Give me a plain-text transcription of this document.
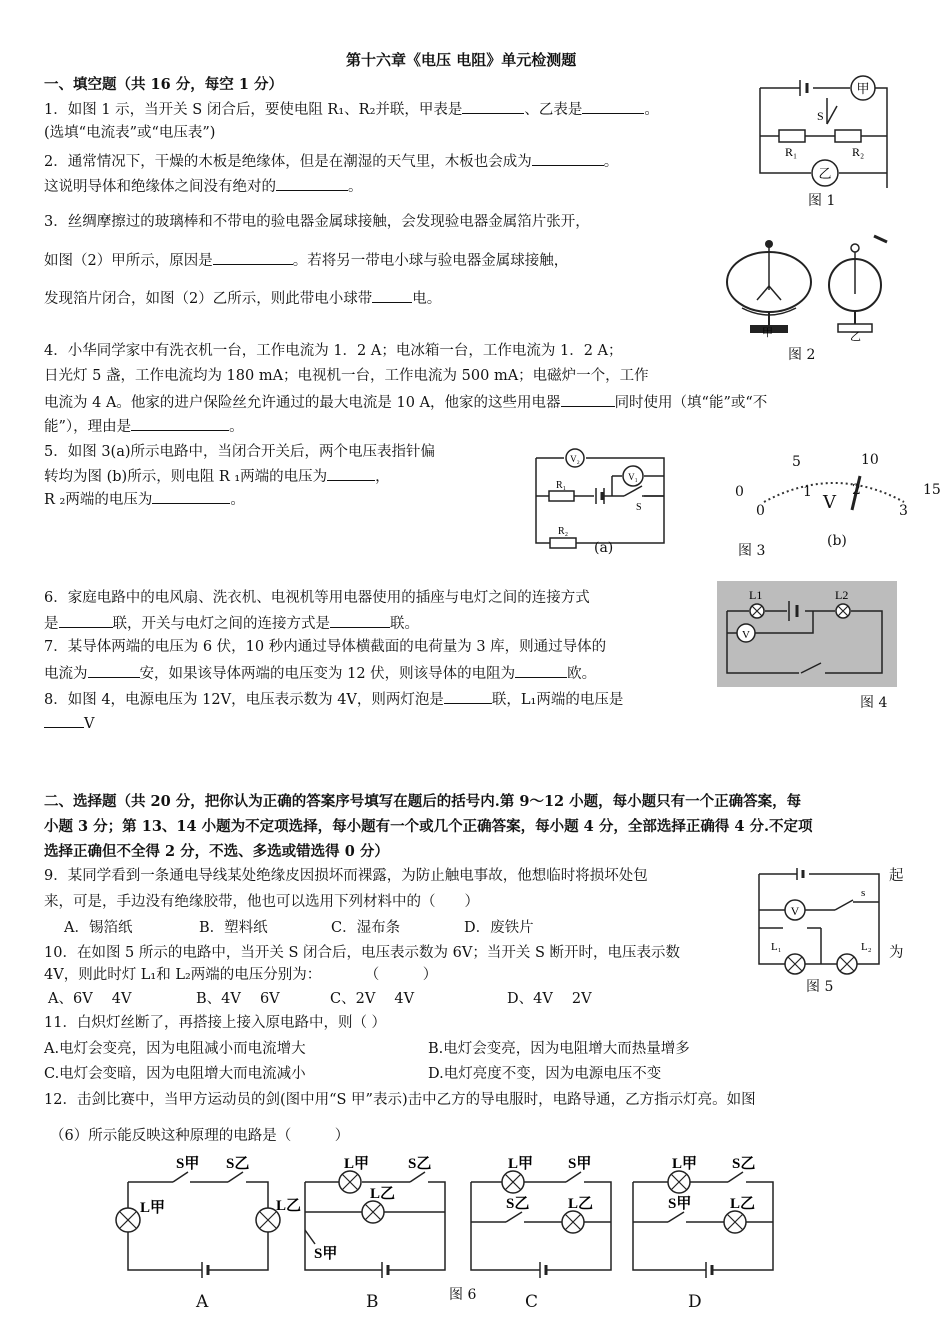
第十六章《电压 电阻》单元检测题
一、填空题（共 16 分，每空 1 分）
1．如图 1 示，当开关 S 闭合后，要使电阻 R₁、R₂并联，甲表是	、乙表是	。
(选填“电流表”或“电压表”)
2．通常情况下，干燥的木板是绝缘体，但是在潮湿的天气里，木板也会成为	。
这说明导体和绝缘体之间没有绝对的	。
3．丝绸摩擦过的玻璃棒和不带电的验电器金属球接触，会发现验电器金属箔片张开，
如图（2）甲所示，原因是	。若将另一带电小球与验电器金属球接触，
发现箔片闭合，如图（2）乙所示，则此带电小球带	电。
4．小华同学家中有洗衣机一台，工作电流为 1．2 A；电冰箱一台，工作电流为 1．2 A；
日光灯 5 盏，工作电流均为 180 mA；电视机一台，工作电流为 500 mA；电磁炉一个，工作
电流为 4 A。他家的进户保险丝允许通过的最大电流是 10 A，他家的这些用电器	同时使用（填“能”或“不
能”），理由是	。
5．如图 3(a)所示电路中，当闭合开关后，两个电压表指针偏
转均为图 (b)所示，则电阻 R ₁两端的电压为	，
R ₂两端的电压为	。
6．家庭电路中的电风扇、洗衣机、电视机等用电器使用的插座与电灯之间的连接方式
是	联，开关与电灯之间的连接方式是	联。
7．某导体两端的电压为 6 伏，10 秒内通过导体横截面的电荷量为 3 库，则通过导体的
电流为	安，如果该导体两端的电压变为 12 伏，则该导体的电阻为	欧。
8．如图 4，电源电压为 12V，电压表示数为 4V，则两灯泡是	联，L₁两端的电压是
V
二、选择题（共 20 分，把你认为正确的答案序号填写在题后的括号内.第 9～12 小题，每小题只有一个正确答案，每
小题 3 分；第 13、14 小题为不定项选择，每小题有一个或几个正确答案，每小题 4 分，全部选择正确得 4 分.不定项
选择正确但不全得 2 分，不选、多选或错选得 0 分）
9．某同学看到一条通电导线某处绝缘皮因损坏而裸露，为防止触电事故，他想临时将损坏处包	起
来，可是，手边没有绝缘胶带，他也可以选用下列材料中的（　　）
A．锡箔纸	B．塑料纸	C．湿布条	D．废铁片
10．在如图 5 所示的电路中，当开关 S 闭合后，电压表示数为 6V；当开关 S 断开时，电压表示数	为
4V，则此时灯 L₁和 L₂两端的电压分别为：　　　　（　　　）
A、6V　 4V	B、4V　 6V	C、2V　 4V	D、4V　 2V
11．白炽灯丝断了，再搭接上接入原电路中，则（ ）
A.电灯会变亮，因为电阻减小而电流增大	B.电灯会变亮，因为电阻增大而热量增多
C.电灯会变暗，因为电阻增大而电流减小	D.电灯亮度不变，因为电源电压不变
12．击剑比赛中，当甲方运动员的剑(图中用“S 甲”表示)击中乙方的导电服时，电路导通，乙方指示灯亮。如图
（6）所示能反映这种原理的电路是（　　　）
甲
乙
S
R₁	R₂
图 1
甲	乙
图 2
V₂
V₁
R₁
S
R₂
(a)
0
5	10
15
0
1	2
3
V
图 3
(b)
V
L1	L2
图 4
V
s
L₁	L₂
图 5
S甲 S乙
L甲	L乙
L甲	S乙
L乙
S甲
L甲 S甲
S乙	L乙
L甲 S乙
S甲	L乙
图 6
A	B	C	D
